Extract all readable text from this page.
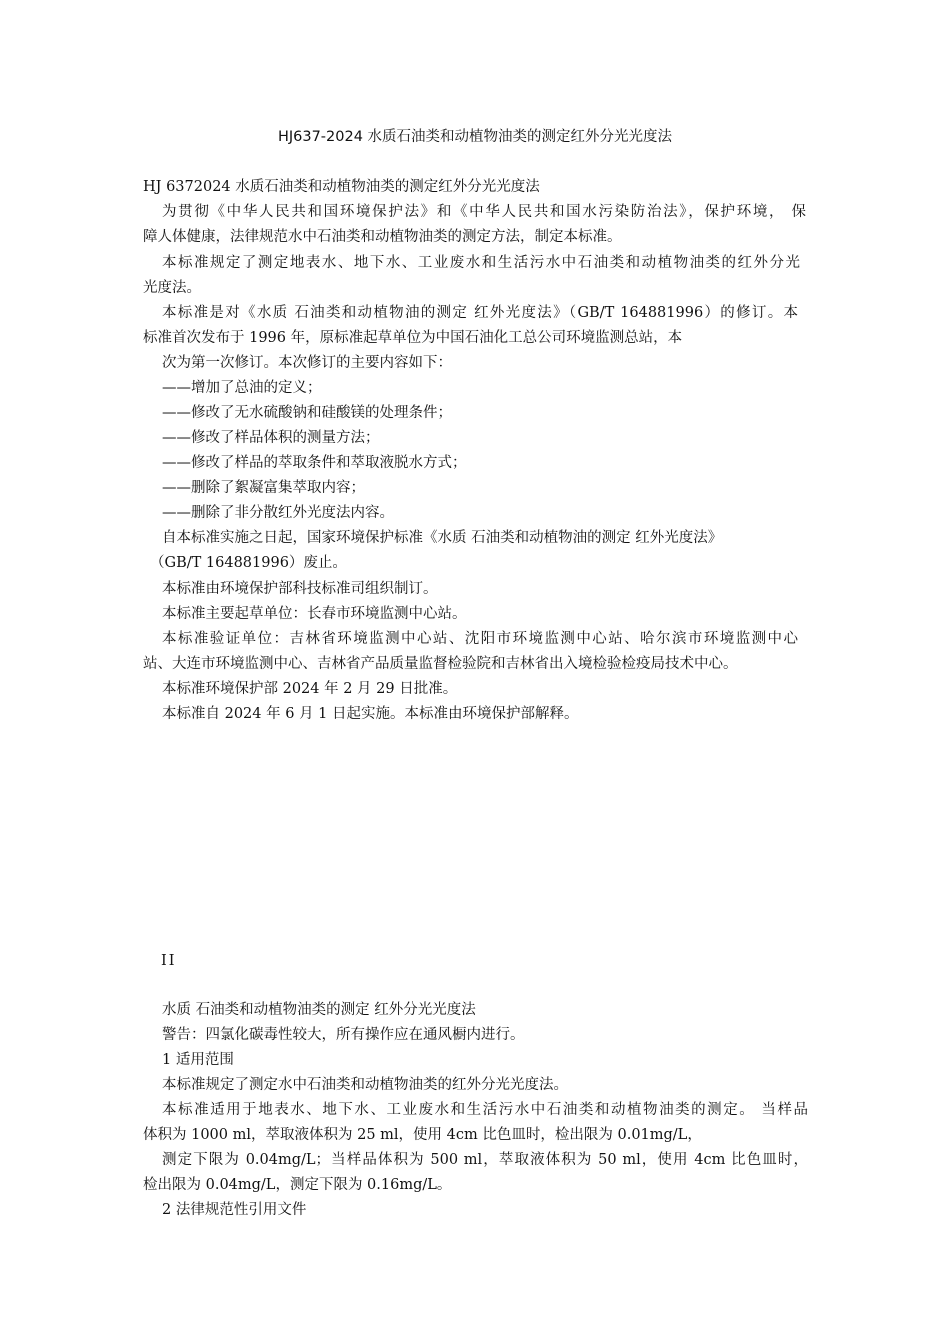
HJ637-2024 水质石油类和动植物油类的测定红外分光光度法
HJ 6372024 水质石油类和动植物油类的测定红外分光光度法
为贯彻《中华人民共和国环境保护法》和《中华人民共和国水污染防治法》，保护环境， 保
障人体健康，法律规范水中石油类和动植物油类的测定方法，制定本标准。
本标准规定了测定地表水、地下水、工业废水和生活污水中石油类和动植物油类的红外分光
光度法。
本标准是对《水质 石油类和动植物油的测定 红外光度法》（GB/T 164881996）的修订。本
标准首次发布于 1996 年，原标准起草单位为中国石油化工总公司环境监测总站，本
次为第一次修订。本次修订的主要内容如下：
——增加了总油的定义；
——修改了无水硫酸钠和硅酸镁的处理条件；
——修改了样品体积的测量方法；
——修改了样品的萃取条件和萃取液脱水方式；
——删除了絮凝富集萃取内容；
——删除了非分散红外光度法内容。
自本标准实施之日起，国家环境保护标准《水质 石油类和动植物油的测定 红外光度法》
（GB/T 164881996）废止。
本标准由环境保护部科技标准司组织制订。
本标准主要起草单位：长春市环境监测中心站。
本标准验证单位：吉林省环境监测中心站、沈阳市环境监测中心站、哈尔滨市环境监测中心
站、大连市环境监测中心、吉林省产品质量监督检验院和吉林省出入境检验检疫局技术中心。
本标准环境保护部 2024 年 2 月 29 日批准。
本标准自 2024 年 6 月 1 日起实施。本标准由环境保护部解释。
II
水质 石油类和动植物油类的测定 红外分光光度法
警告：四氯化碳毒性较大，所有操作应在通风橱内进行。
1 适用范围
本标准规定了测定水中石油类和动植物油类的红外分光光度法。
本标准适用于地表水、地下水、工业废水和生活污水中石油类和动植物油类的测定。 当样品
体积为 1000 ml，萃取液体积为 25 ml，使用 4cm 比色皿时，检出限为 0.01mg/L，
测定下限为 0.04mg/L；当样品体积为 500 ml，萃取液体积为 50 ml，使用 4cm 比色皿时，
检出限为 0.04mg/L，测定下限为 0.16mg/L。
2 法律规范性引用文件
